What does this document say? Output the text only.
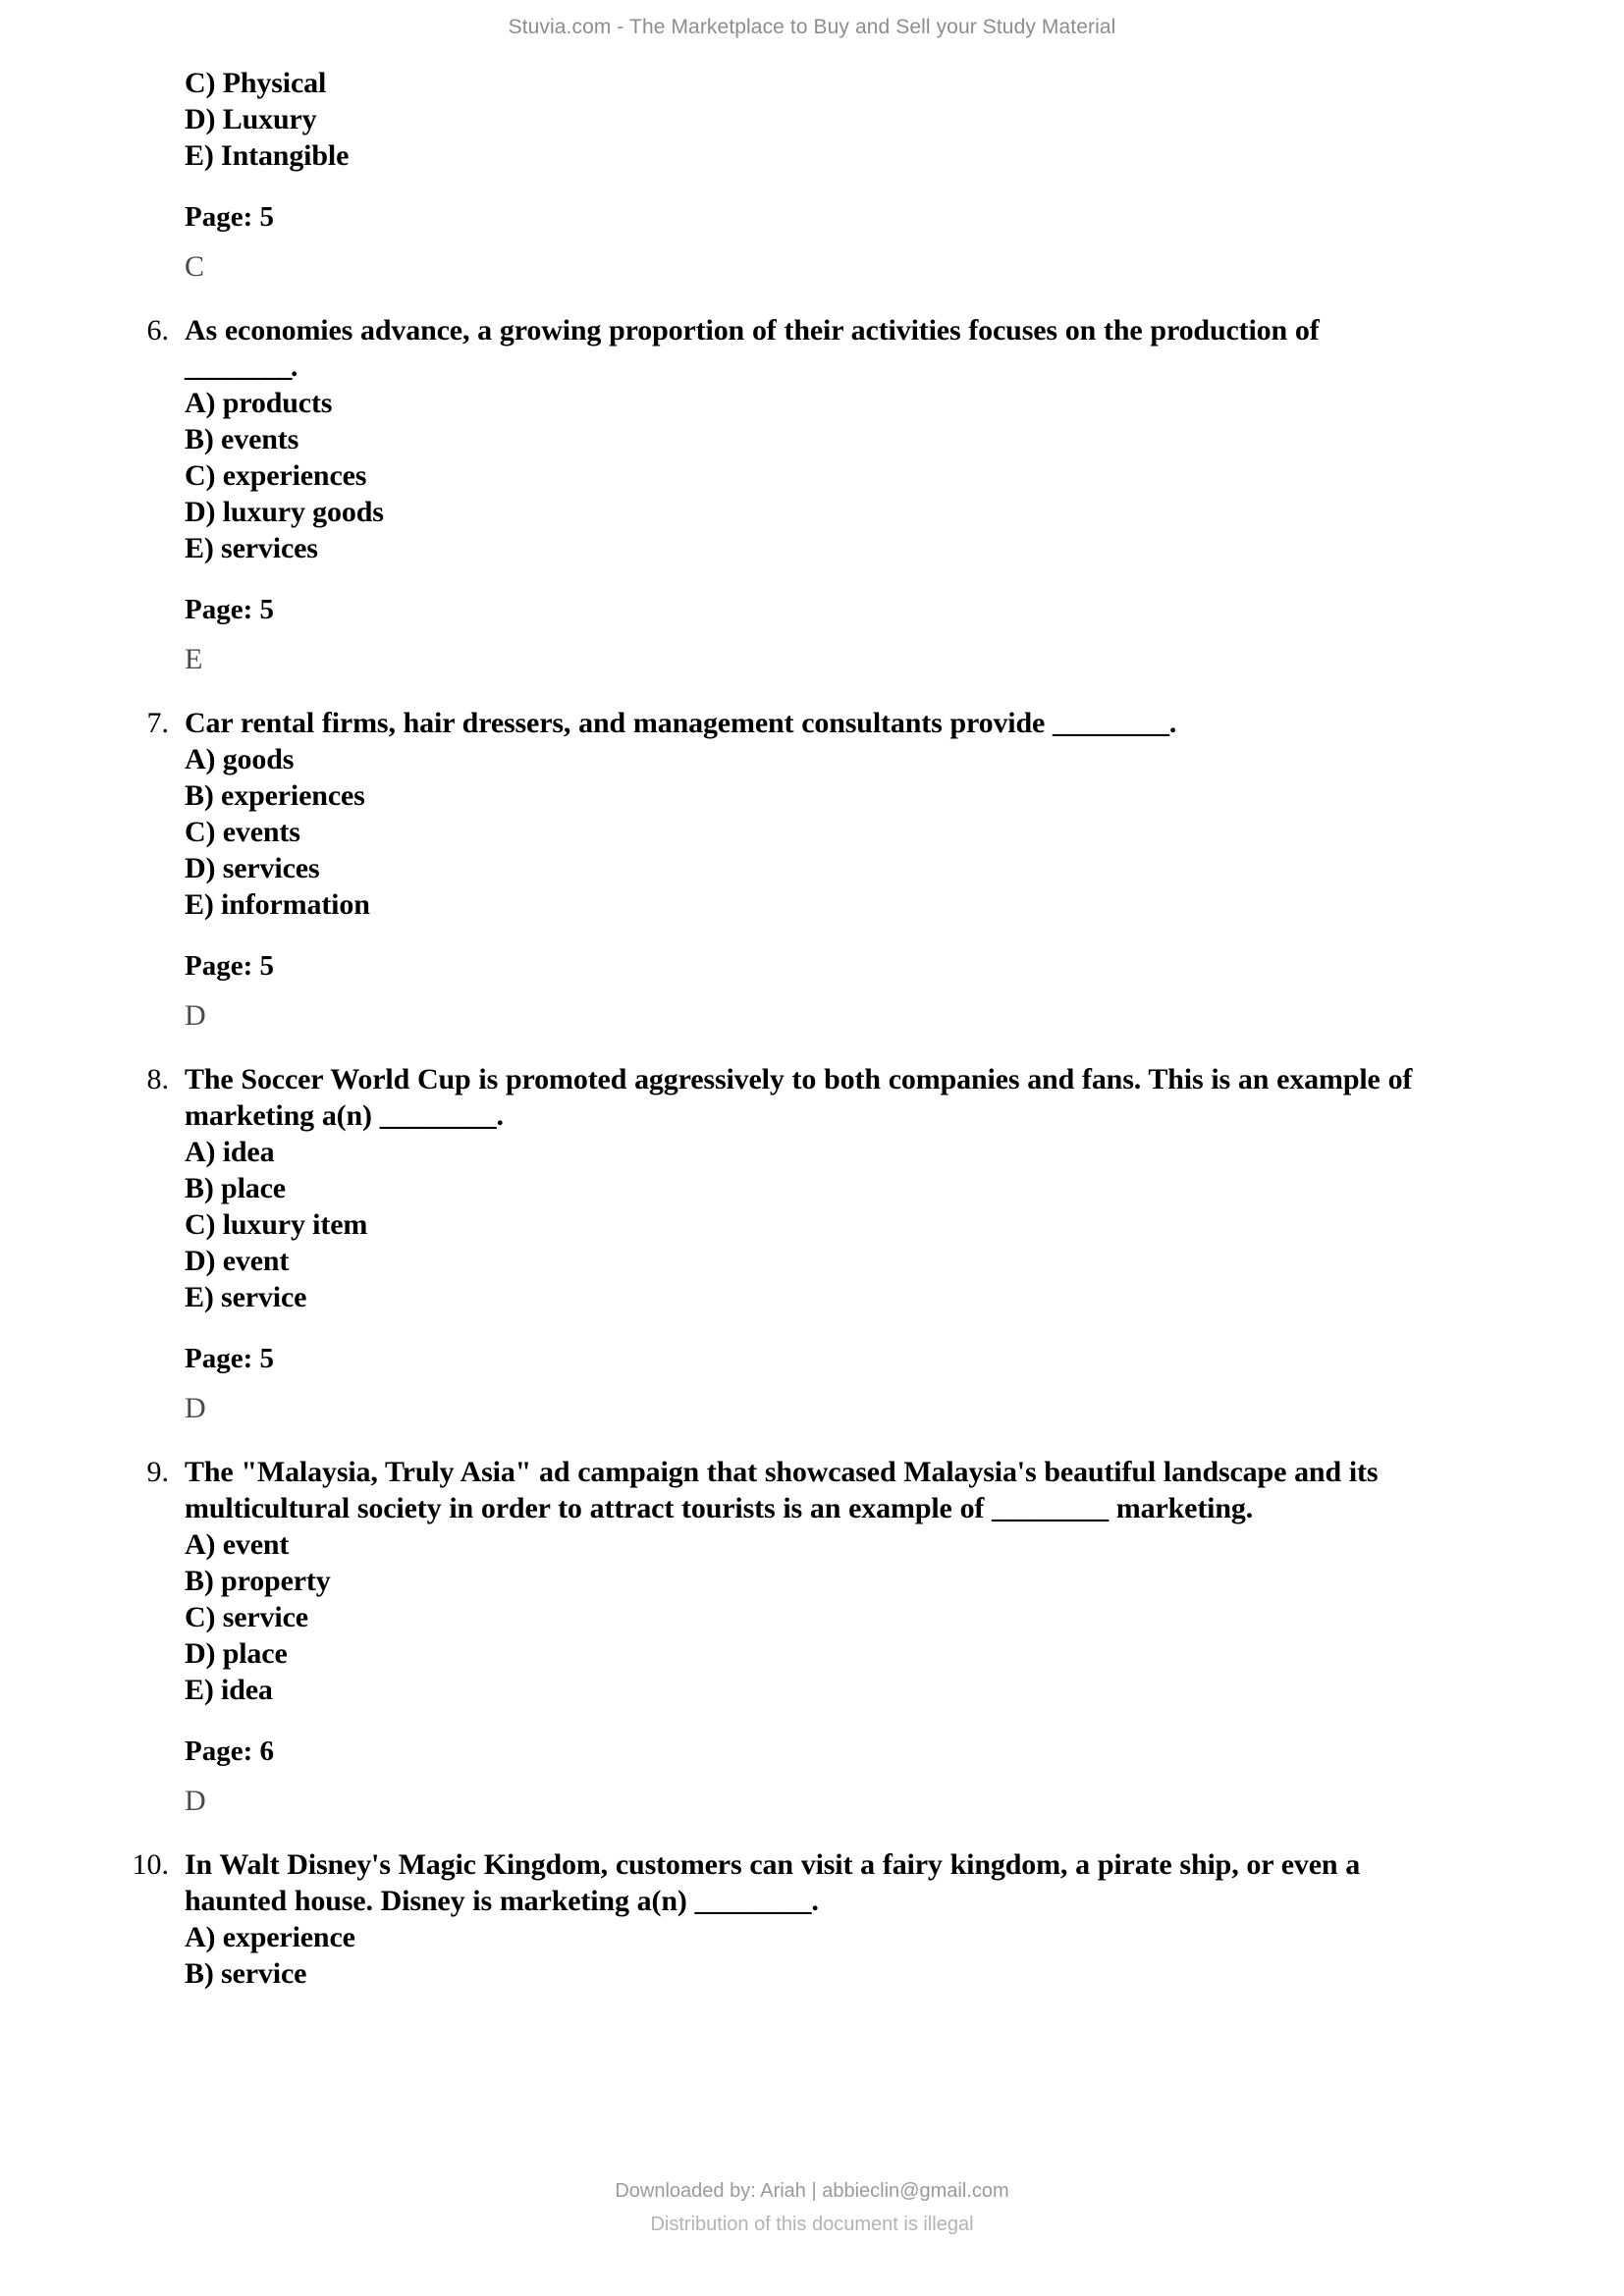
Stuvia.com - The Marketplace to Buy and Sell your Study Material
C) Physical
D) Luxury
E) Intangible
Page: 5
C
6. As economies advance, a growing proportion of their activities focuses on the production of
________.
A) products
B) events
C) experiences
D) luxury goods
E) services
Page: 5
E
7. Car rental firms, hair dressers, and management consultants provide ________.
A) goods
B) experiences
C) events
D) services
E) information
Page: 5
D
8. The Soccer World Cup is promoted aggressively to both companies and fans. This is an example of
marketing a(n) ________.
A) idea
B) place
C) luxury item
D) event
E) service
Page: 5
D
9. The "Malaysia, Truly Asia" ad campaign that showcased Malaysia's beautiful landscape and its
multicultural society in order to attract tourists is an example of ________ marketing.
A) event
B) property
C) service
D) place
E) idea
Page: 6
D
10. In Walt Disney's Magic Kingdom, customers can visit a fairy kingdom, a pirate ship, or even a
haunted house. Disney is marketing a(n) ________.
A) experience
B) service
Downloaded by: Ariah | abbieclin@gmail.com
Distribution of this document is illegal
